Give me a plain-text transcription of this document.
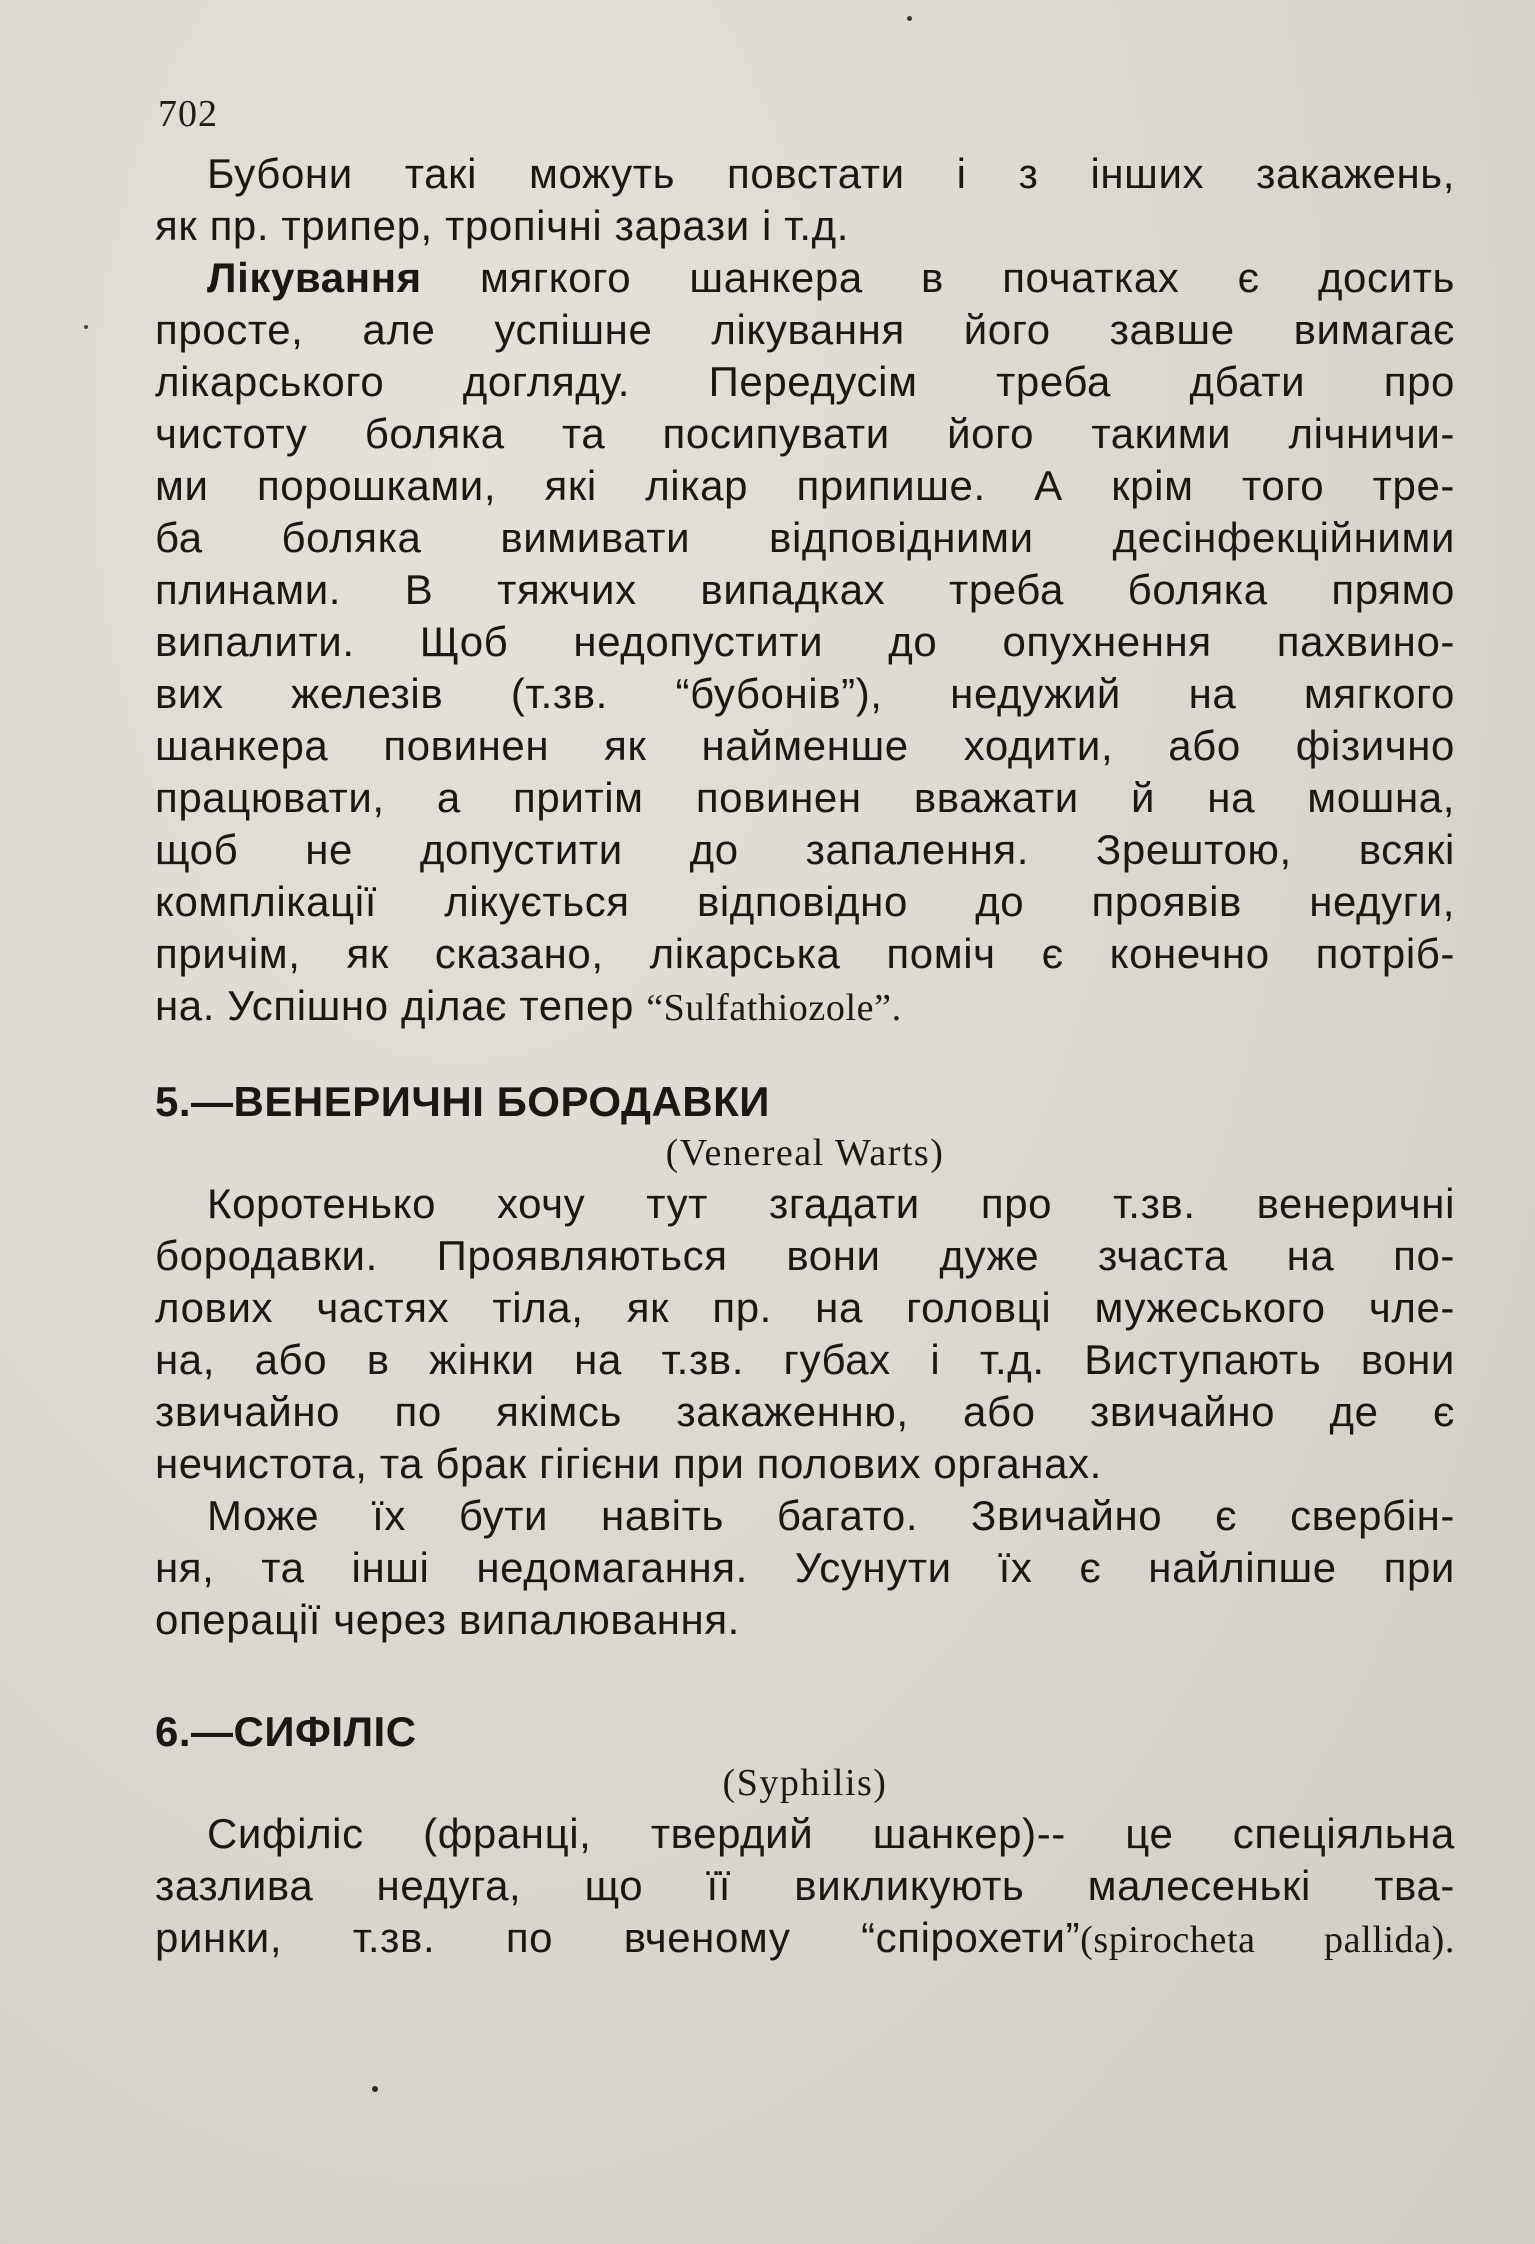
702
Бубони такі можуть повстати і з інших закажень,
як пр. трипер, тропічні зарази і т.д.
Лікування мягкого шанкера в початках є досить
просте, але успішне лікування його завше вимагає
лікарського догляду. Передусім треба дбати про
чистоту боляка та посипувати його такими лічничи-
ми порошками, які лікар припише. А крім того тре-
ба боляка вимивати відповідними десінфекційними
плинами. В тяжчих випадках треба боляка прямо
випалити. Щоб недопустити до опухнення пахвино-
вих железів (т.зв. “бубонів”), недужий на мягкого
шанкера повинен як найменше ходити, або фізично
працювати, а притім повинен вважати й на мошна,
щоб не допустити до запалення. Зрештою, всякі
комплікації лікується відповідно до проявів недуги,
причім, як сказано, лікарська поміч є конечно потріб-
на. Успішно ділає тепер “Sulfathiozole”.
5.—ВЕНЕРИЧНІ БОРОДАВКИ
(Venereal Warts)
Коротенько хочу тут згадати про т.зв. венеричні
бородавки. Проявляються вони дуже зчаста на по-
лових частях тіла, як пр. на головці мужеського чле-
на, або в жінки на т.зв. губах і т.д. Виступають вони
звичайно по якімсь закаженню, або звичайно де є
нечистота, та брак гігієни при полових органах.
Може їх бути навіть багато. Звичайно є свербін-
ня, та інші недомагання. Усунути їх є найліпше при
операції через випалювання.
6.—СИФІЛІС
(Syphilis)
Сифіліс (франці, твердий шанкер)-- це спеціяльна
зазлива недуга, що її викликують малесенькі тва-
ринки, т.зв. по вченому “спірохети”(spirocheta pallida).
